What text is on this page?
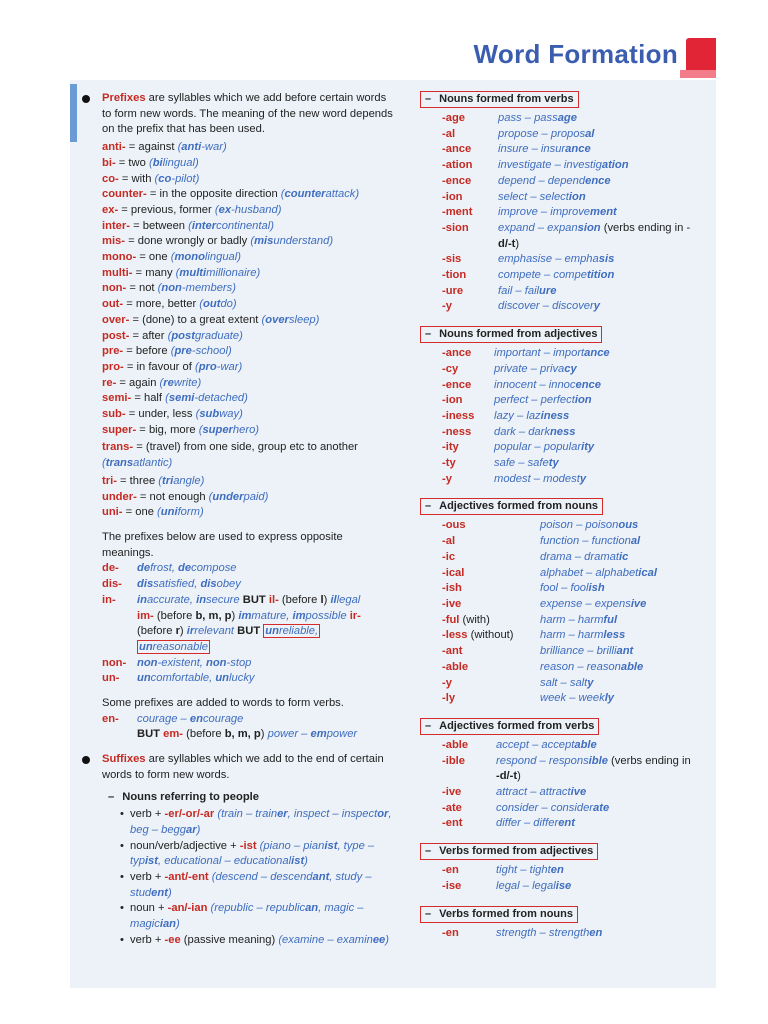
Word Formation

Prefixes are syllables which we add before certain words to form new words. The meaning of the new word depends on the prefix that has been used.

anti- = against (anti-war)
bi- = two (bilingual)
co- = with (co-pilot)
counter- = in the opposite direction (counterattack)
ex- = previous, former (ex-husband)
inter- = between (intercontinental)
mis- = done wrongly or badly (misunderstand)
mono- = one (monolingual)
multi- = many (multimillionaire)
non- = not (non-members)
out- = more, better (outdo)
over- = (done) to a great extent (oversleep)
post- = after (postgraduate)
pre- = before (pre-school)
pro- = in favour of (pro-war)
re- = again (rewrite)
semi- = half (semi-detached)
sub- = under, less (subway)
super- = big, more (superhero)
trans- = (travel) from one side, group etc to another
(transatlantic)
tri- = three (triangle)
under- = not enough (underpaid)
uni- = one (uniform)

The prefixes below are used to express opposite meanings.

de-	defrost, decompose
dis-	dissatisfied, disobey
in-	inaccurate, insecure BUT il- (before l) illegal
im- (before b, m, p) immature, impossible ir-
(before r) irrelevant BUT unreliable,
unreasonable
non- non-existent, non-stop
un-	uncomfortable, unlucky

Some prefixes are added to words to form verbs.

en-	courage – encourage
BUT em- (before b, m, p) power – empower

Suffixes are syllables which we add to the end of certain words to form new words.

– Nouns referring to people
• verb + -er/-or/-ar (train – trainer, inspect – inspector, beg – beggar)
• noun/verb/adjective + -ist (piano – pianist, type – typist, educational – educationalist)
• verb + -ant/-ent (descend – descendant, study – student)
• noun + -an/-ian (republic – republican, magic – magician)
• verb + -ee (passive meaning) (examine – examinee)
– Nouns formed from verbs
-age	pass – passage
-al	propose – proposal
-ance	insure – insurance
-ation	investigate – investigation
-ence	depend – dependence
-ion	select – selection
-ment	improve – improvement
-sion	expand – expansion (verbs ending in -
d/-t)
-sis	emphasise – emphasis
-tion	compete – competition
-ure	fail – failure
-y	discover – discovery
– Nouns formed from adjectives
-ance	important – importance
-cy	private – privacy
-ence	innocent – innocence
-ion	perfect – perfection
-iness	lazy – laziness
-ness	dark – darkness
-ity	popular – popularity
-ty	safe – safety
-y	modest – modesty
– Adjectives formed from nouns
-ous	poison – poisonous
-al	function – functional
-ic	drama – dramatic
-ical	alphabet – alphabetical
-ish	fool – foolish
-ive	expense – expensive
-ful (with)	harm – harmful
-less (without)	harm – harmless
-ant	brilliance – brilliant
-able	reason – reasonable
-y	salt – salty
-ly	week – weekly
– Adjectives formed from verbs
-able	accept – acceptable
-ible	respond – responsible (verbs ending in
-d/-t)
-ive	attract – attractive
-ate	consider – considerate
-ent	differ – different
– Verbs formed from adjectives
-en	tight – tighten
-ise	legal – legalise
– Verbs formed from nouns
-en	strength – strengthen
